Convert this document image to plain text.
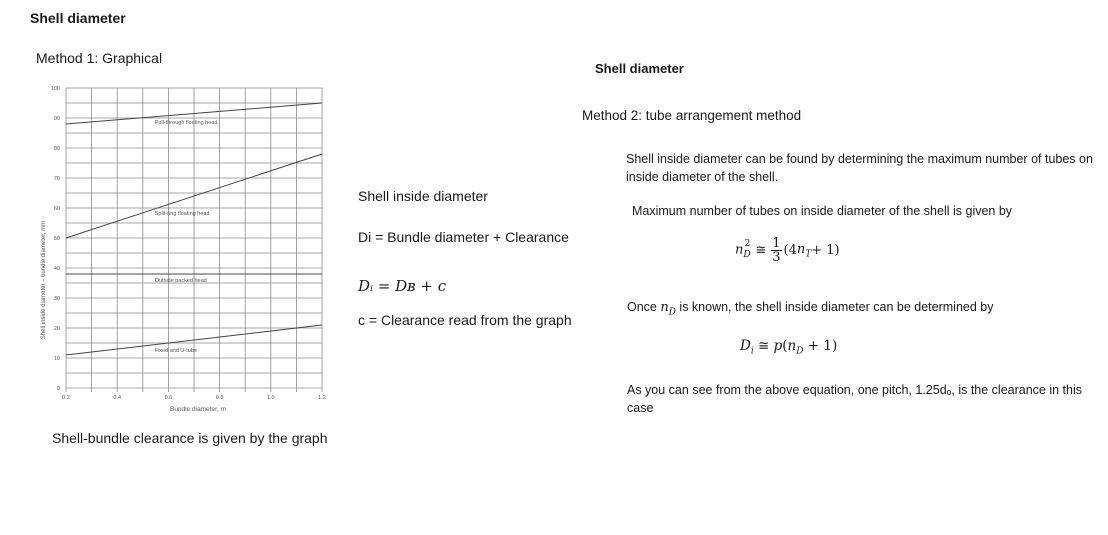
Shell diameter
Method 1: Graphical
0
10
20
30
40
50
60
70
80
90
100
0.2	0.4	0.6	0.8	1.0	1.2
Pull-through floating head
Split-ring floating head
Outside packed head
Fixed and U-tube
Shell inside diameter – bundle diameter, mm
Bundle diameter, m
Shell-bundle clearance is given by the graph
Shell inside diameter
Di = Bundle diameter + Clearance
Dᵢ = Dʙ + c
c = Clearance read from the graph
Shell diameter
Method 2: tube arrangement method
Shell inside diameter can be found by determining the maximum number of tubes on inside diameter of the shell.
Maximum number of tubes on inside diameter of the shell is given by
$n_D^2$ ≅ 1
3 (4 $n_T + 1$)
Once $n_D$ is known, the shell inside diameter can be determined by
$D_i$ ≅ $p(n_D + 1)$
As you can see from the above equation, one pitch, 1.25dₒ, is the clearance in this case
